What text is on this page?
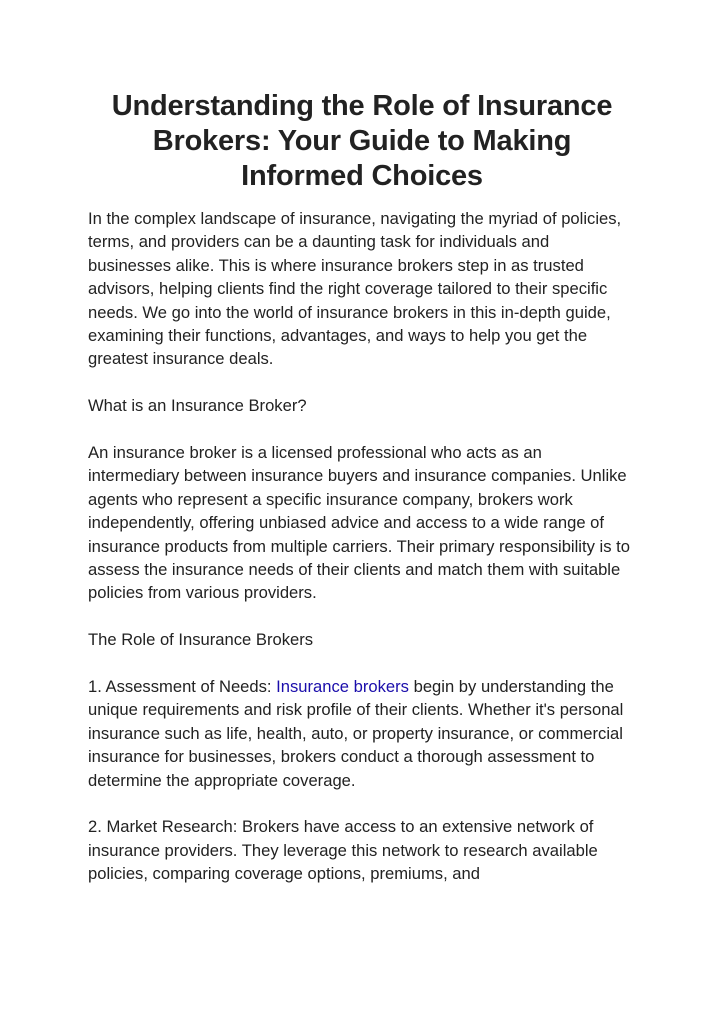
Understanding the Role of Insurance Brokers: Your Guide to Making Informed Choices

In the complex landscape of insurance, navigating the myriad of policies, terms, and providers can be a daunting task for individuals and businesses alike. This is where insurance brokers step in as trusted advisors, helping clients find the right coverage tailored to their specific needs. We go into the world of insurance brokers in this in-depth guide, examining their functions, advantages, and ways to help you get the greatest insurance deals.

What is an Insurance Broker?

An insurance broker is a licensed professional who acts as an intermediary between insurance buyers and insurance companies. Unlike agents who represent a specific insurance company, brokers work independently, offering unbiased advice and access to a wide range of insurance products from multiple carriers. Their primary responsibility is to assess the insurance needs of their clients and match them with suitable policies from various providers.

The Role of Insurance Brokers

1. Assessment of Needs: Insurance brokers begin by understanding the unique requirements and risk profile of their clients. Whether it's personal insurance such as life, health, auto, or property insurance, or commercial insurance for businesses, brokers conduct a thorough assessment to determine the appropriate coverage.

2. Market Research: Brokers have access to an extensive network of insurance providers. They leverage this network to research available policies, comparing coverage options, premiums, and
